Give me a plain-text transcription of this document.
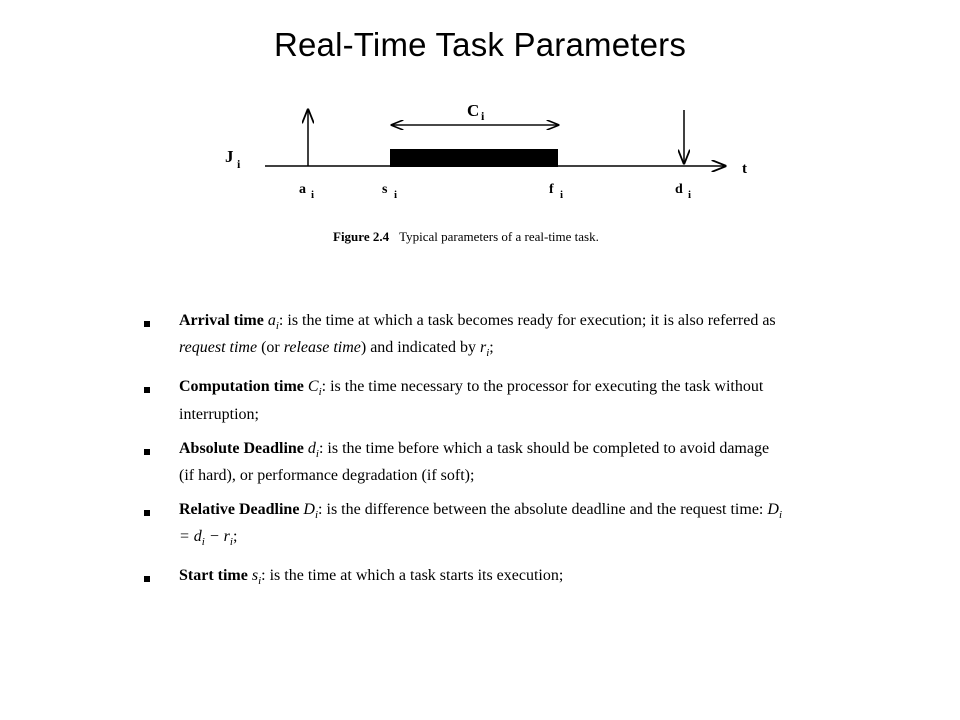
Real-Time Task Parameters
t
J i
C i
a i	s i	f i	d i
Figure 2.4 Typical parameters of a real-time task.
Arrival time $a_i$: is the time at which a task becomes ready for execution; it is also referred as request time (or release time) and indicated by $r_i$;
Computation time $C_i$: is the time necessary to the processor for executing the task without interruption;
Absolute Deadline $d_i$: is the time before which a task should be completed to avoid damage (if hard), or performance degradation (if soft);
Relative Deadline $D_i$: is the difference between the absolute deadline and the request time: $D_i = d_i - r_i$;
Start time $s_i$: is the time at which a task starts its execution;
